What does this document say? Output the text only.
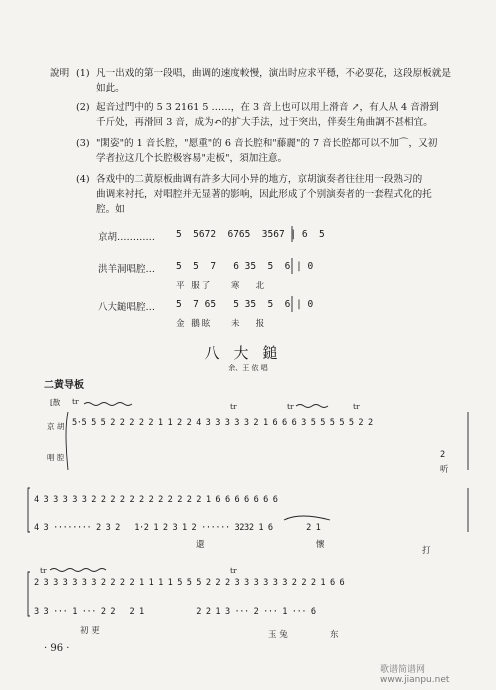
說明 (1) 凡一出戏的第一段唱，曲调的速度較慢，演出时应求平穩，不必耍花，这段原板就是
如此。
(2) 起音过門中的 5 3 2161 5 ……，在 3 音上也可以用上滑音 ↗，有人从 4 音滑到
千斤处，再滑回 3 音，成为↶的扩大手法，过于突出，伴奏生角曲調不甚相宜。
(3) "閑姿"的 1 音长腔，"愿重"的 6 音长腔和"藤麗"的 7 音长腔都可以不加⌒，又初
学者拉这几个长腔极容易"走板"，須加注意。
(4) 各戏中的二黄原板曲调有許多大同小异的地方，京胡演奏者往往用一段熟习的
曲调来衬托，对唱腔并无显著的影响，因此形成了个别演奏者的一套程式化的托
腔。如
京胡………… 5  5672  6765  3567 | 6  5
洪羊洞唱腔… 5  5  7   6 35  5  6 | 0
平 服了    寒   北
八大鎚唱腔… 5  7 65   5 35  5  6 | 0
金 鵝眩    未   报
八大鎚
余、王 依 唱
二黄导板
[散
京 胡
唱 腔
tr
tr	tr	tr
5·5 5 5 2 2 2 2 2 1 1 2 2 4 3 3 3 3 3 2 1 6 6 6 3 5 5 5 5 5 2 2
2
听
4 3 3 3 3 3 2 2 2 2 2 2 2 2 2 2 2 2 1 6 6 6 6 6 6 6
4 3 ········ 2 3 2   1·2 1 2 3 1 2 ······ 3232 1 6       2 1
還	懷
打
tr	tr
2 3 3 3 3 3 3 2 2 2 2 1 1 1 1 5 5 5 2 2 2 3 3 3 3 3 3 2 2 2 1 6 6
3 3 ··· 1 ··· 2 2   2 1           2 2 1 3 ··· 2 ··· 1 ··· 6
初 更	玉 兔	东
· 96 ·
歌谱简谱网 www.jianpu.net
